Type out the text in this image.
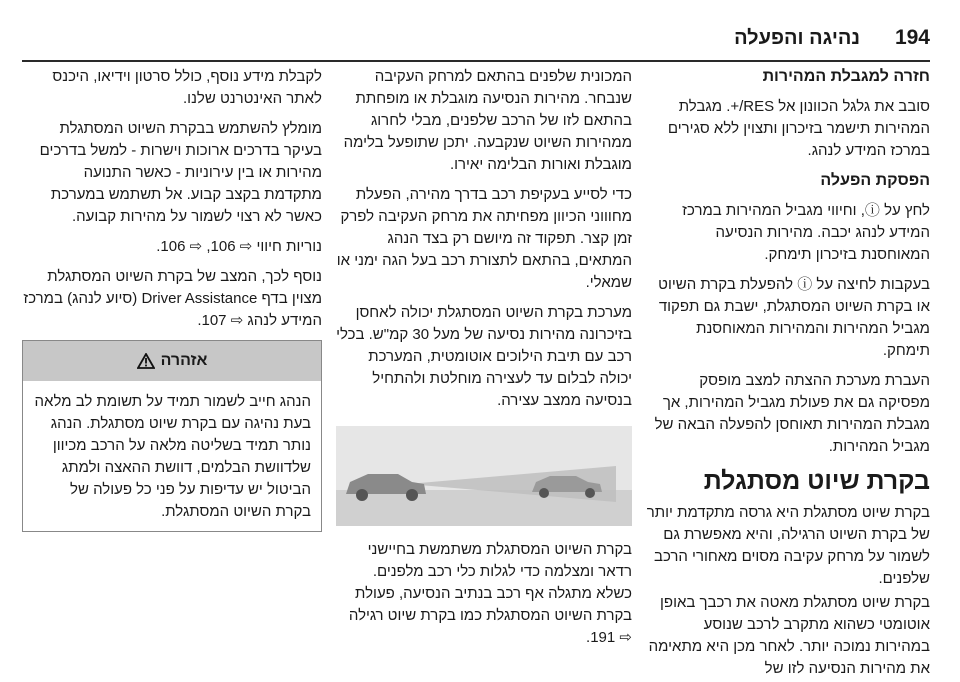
194
נהיגה והפעלה
חזרה למגבלת המהירות

סובב את גלגל הכוונון אל RES/+. מגבלת המהירות תישמר בזיכרון ותצוין ללא סגירים במרכז המידע לנהג.

הפסקת הפעלה

לחץ על ⓘ, וחיווי מגביל המהירות במרכז המידע לנהג יכבה. מהירות הנסיעה המאוחסנת בזיכרון תימחק.

בעקבות לחיצה על ⓘ להפעלת בקרת השיוט או בקרת השיוט המסתגלת, ישבת גם תפקוד מגביל המהירות והמהירות המאוחסנת תימחק.

העברת מערכת ההצתה למצב מופסק מפסיקה גם את פעולת מגביל המהירות, אך מגבלת המהירות תאוחסן להפעלה הבאה של מגביל המהירות.

בקרת שיוט מסתגלת

בקרת שיוט מסתגלת היא גרסה מתקדמת יותר של בקרת השיוט הרגילה, והיא מאפשרת גם לשמור על מרחק עקיבה מסוים מאחורי הרכב שלפנים.

בקרת שיוט מסתגלת מאטה את רכבך באופן אוטומטי כשהוא מתקרב לרכב שנוסע במהירות נמוכה יותר. לאחר מכן היא מתאימה את מהירות הנסיעה לזו של

המכונית שלפנים בהתאם למרחק העקיבה שנבחר. מהירות הנסיעה מוגבלת או מופחתת בהתאם לזו של הרכב שלפנים, מבלי לחרוג ממהירות השיוט שנקבעה. יתכן שתופעל בלימה מוגבלת ואורות הבלימה יאירו.

כדי לסייע בעקיפת רכב בדרך מהירה, הפעלת מחוווני הכיוון מפחיתה את מרחק העקיבה לפרק זמן קצר. תפקוד זה מיושם רק בצד הנהג המתאים, בהתאם לתצורת רכב בעל הגה ימני או שמאלי.

מערכת בקרת השיוט המסתגלת יכולה לאחסן בזיכרונה מהירות נסיעה של מעל 30 קמ"ש. בכלי רכב עם תיבת הילוכים אוטומטית, המערכת יכולה לבלום עד לעצירה מוחלטת ולהתחיל בנסיעה ממצב עצירה.

בקרת השיוט המסתגלת משתמשת בחיישני רדאר ומצלמה כדי לגלות כלי רכב מלפנים. כשלא מתגלה אף רכב בנתיב הנסיעה, פעולת בקרת השיוט המסתגלת כמו בקרת שיוט רגילה ⇨ 191.

לקבלת מידע נוסף, כולל סרטון וידיאו, היכנס לאתר האינטרנט שלנו.

מומלץ להשתמש בבקרת השיוט המסתגלת בעיקר בדרכים ארוכות וישרות - למשל בדרכים מהירות או בין עירוניות - כאשר התנועה מתקדמת בקצב קבוע. אל תשתמש במערכת כאשר לא רצוי לשמור על מהירות קבועה.

נוריות חיווי ⇨ 106, ⇨ 106.

נוסף לכך, המצב של בקרת השיוט המסתגלת מצוין בדף Driver Assistance (סיוע לנהג) במרכז המידע לנהג ⇨ 107.

אזהרה
הנהג חייב לשמור תמיד על תשומת לב מלאה בעת נהיגה עם בקרת שיוט מסתגלת. הנהג נותר תמיד בשליטה מלאה על הרכב מכיוון שלדוושת הבלמים, דוושת ההאצה ולמתג הביטול יש עדיפות על פני כל פעולה של בקרת השיוט המסתגלת.
